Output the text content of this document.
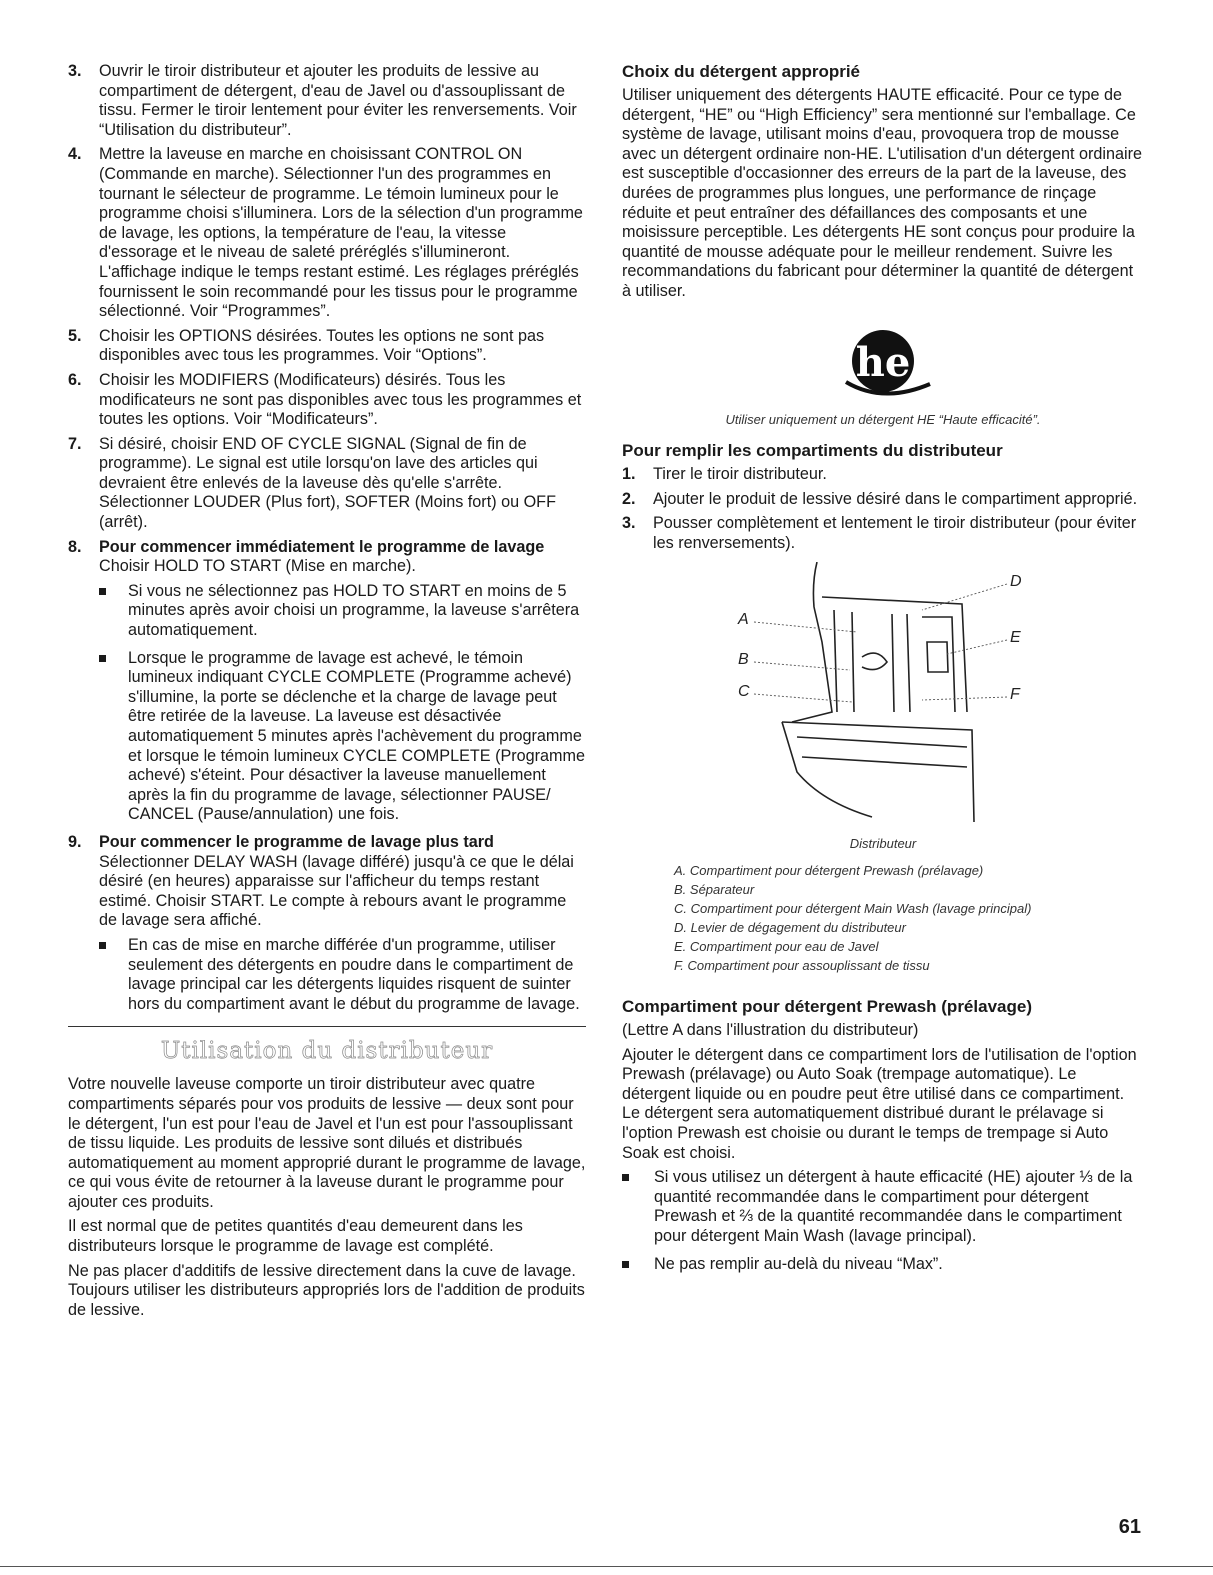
3. Ouvrir le tiroir distributeur et ajouter les produits de lessive au compartiment de détergent, d'eau de Javel ou d'assouplissant de tissu. Fermer le tiroir lentement pour éviter les renversements. Voir “Utilisation du distributeur”.
4. Mettre la laveuse en marche en choisissant CONTROL ON (Commande en marche). Sélectionner l'un des programmes en tournant le sélecteur de programme. Le témoin lumineux pour le programme choisi s'illuminera. Lors de la sélection d'un programme de lavage, les options, la température de l'eau, la vitesse d'essorage et le niveau de saleté préréglés s'illumineront. L'affichage indique le temps restant estimé. Les réglages préréglés fournissent le soin recommandé pour les tissus pour le programme sélectionné. Voir “Programmes”.
5. Choisir les OPTIONS désirées. Toutes les options ne sont pas disponibles avec tous les programmes. Voir “Options”.
6. Choisir les MODIFIERS (Modificateurs) désirés. Tous les modificateurs ne sont pas disponibles avec tous les programmes et toutes les options. Voir “Modificateurs”.
7. Si désiré, choisir END OF CYCLE SIGNAL (Signal de fin de programme). Le signal est utile lorsqu'on lave des articles qui devraient être enlevés de la laveuse dès qu'elle s'arrête. Sélectionner LOUDER (Plus fort), SOFTER (Moins fort) ou OFF (arrêt).
8. Pour commencer immédiatement le programme de lavage
Choisir HOLD TO START (Mise en marche).
Si vous ne sélectionnez pas HOLD TO START en moins de 5 minutes après avoir choisi un programme, la laveuse s'arrêtera automatiquement.
Lorsque le programme de lavage est achevé, le témoin lumineux indiquant CYCLE COMPLETE (Programme achevé) s'illumine, la porte se déclenche et la charge de lavage peut être retirée de la laveuse. La laveuse est désactivée automatiquement 5 minutes après l'achèvement du programme et lorsque le témoin lumineux CYCLE COMPLETE (Programme achevé) s'éteint. Pour désactiver la laveuse manuellement après la fin du programme de lavage, sélectionner PAUSE/ CANCEL (Pause/annulation) une fois.
9. Pour commencer le programme de lavage plus tard
Sélectionner DELAY WASH (lavage différé) jusqu'à ce que le délai désiré (en heures) apparaisse sur l'afficheur du temps restant estimé. Choisir START. Le compte à rebours avant le programme de lavage sera affiché.
En cas de mise en marche différée d'un programme, utiliser seulement des détergents en poudre dans le compartiment de lavage principal car les détergents liquides risquent de suinter hors du compartiment avant le début du programme de lavage.
Utilisation du distributeur

Votre nouvelle laveuse comporte un tiroir distributeur avec quatre compartiments séparés pour vos produits de lessive — deux sont pour le détergent, l'un est pour l'eau de Javel et l'un est pour l'assouplissant de tissu liquide. Les produits de lessive sont dilués et distribués automatiquement au moment approprié durant le programme de lavage, ce qui vous évite de retourner à la laveuse durant le programme pour ajouter ces produits.

Il est normal que de petites quantités d'eau demeurent dans les distributeurs lorsque le programme de lavage est complété.

Ne pas placer d'additifs de lessive directement dans la cuve de lavage. Toujours utiliser les distributeurs appropriés lors de l'addition de produits de lessive.

Choix du détergent approprié

Utiliser uniquement des détergents HAUTE efficacité. Pour ce type de détergent, “HE” ou “High Efficiency” sera mentionné sur l'emballage. Ce système de lavage, utilisant moins d'eau, provoquera trop de mousse avec un détergent ordinaire non-HE. L'utilisation d'un détergent ordinaire est susceptible d'occasionner des erreurs de la part de la laveuse, des durées de programmes plus longues, une performance de rinçage réduite et peut entraîner des défaillances des composants et une moisissure perceptible. Les détergents HE sont conçus pour produire la quantité de mousse adéquate pour le meilleur rendement. Suivre les recommandations du fabricant pour déterminer la quantité de détergent à utiliser.

he
Utiliser uniquement un détergent HE “Haute efficacité”.
Pour remplir les compartiments du distributeur
1. Tirer le tiroir distributeur.
2. Ajouter le produit de lessive désiré dans le compartiment approprié.
3. Pousser complètement et lentement le tiroir distributeur (pour éviter les renversements).
A
B
C
D
E
F
Distributeur
A. Compartiment pour détergent Prewash (prélavage)
B. Séparateur
C. Compartiment pour détergent Main Wash (lavage principal)
D. Levier de dégagement du distributeur
E. Compartiment pour eau de Javel
F. Compartiment pour assouplissant de tissu
Compartiment pour détergent Prewash (prélavage)

(Lettre A dans l'illustration du distributeur)

Ajouter le détergent dans ce compartiment lors de l'utilisation de l'option Prewash (prélavage) ou Auto Soak (trempage automatique). Le détergent liquide ou en poudre peut être utilisé dans ce compartiment. Le détergent sera automatiquement distribué durant le prélavage si l'option Prewash est choisie ou durant le temps de trempage si Auto Soak est choisi.

Si vous utilisez un détergent à haute efficacité (HE) ajouter ⅓ de la quantité recommandée dans le compartiment pour détergent Prewash et ⅔ de la quantité recommandée dans le compartiment pour détergent Main Wash (lavage principal).
Ne pas remplir au-delà du niveau “Max”.
61
